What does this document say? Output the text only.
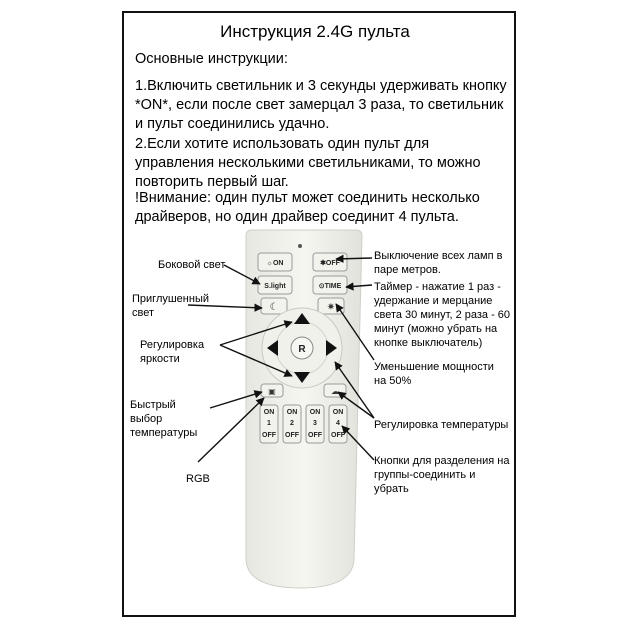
Инструкция 2.4G пульта
Основные инструкции:

1.Включить светильник и 3 секунды удерживать кнопку *ON*, если после свет замерцал 3 раза, то светильник и пульт соединились удачно.

2.Если хотите использовать один пульт для управления несколькими светильниками, то можно повторить первый шаг.

!Внимание: один пульт может соединить несколько драйверов, но один драйвер соединит 4 пульта.

☼ON	✱OFF
S.light	⊙TIME
☾	✷
R
▣	☁
ON
1
OFF
ON
2
OFF
ON
3
OFF
ON
4
OFF

Боковой свет

Приглушенный свет

Регулировка яркости

Быстрый выбор температуры

RGB

Выключение всех ламп в паре метров.

Таймер - нажатие 1 раз - удержание и мерцание света 30 минут, 2 раза - 60 минут (можно убрать на кнопке выключатель)

Уменьшение мощности на 50%

Регулировка температуры

Кнопки для разделения на группы-соединить и убрать
